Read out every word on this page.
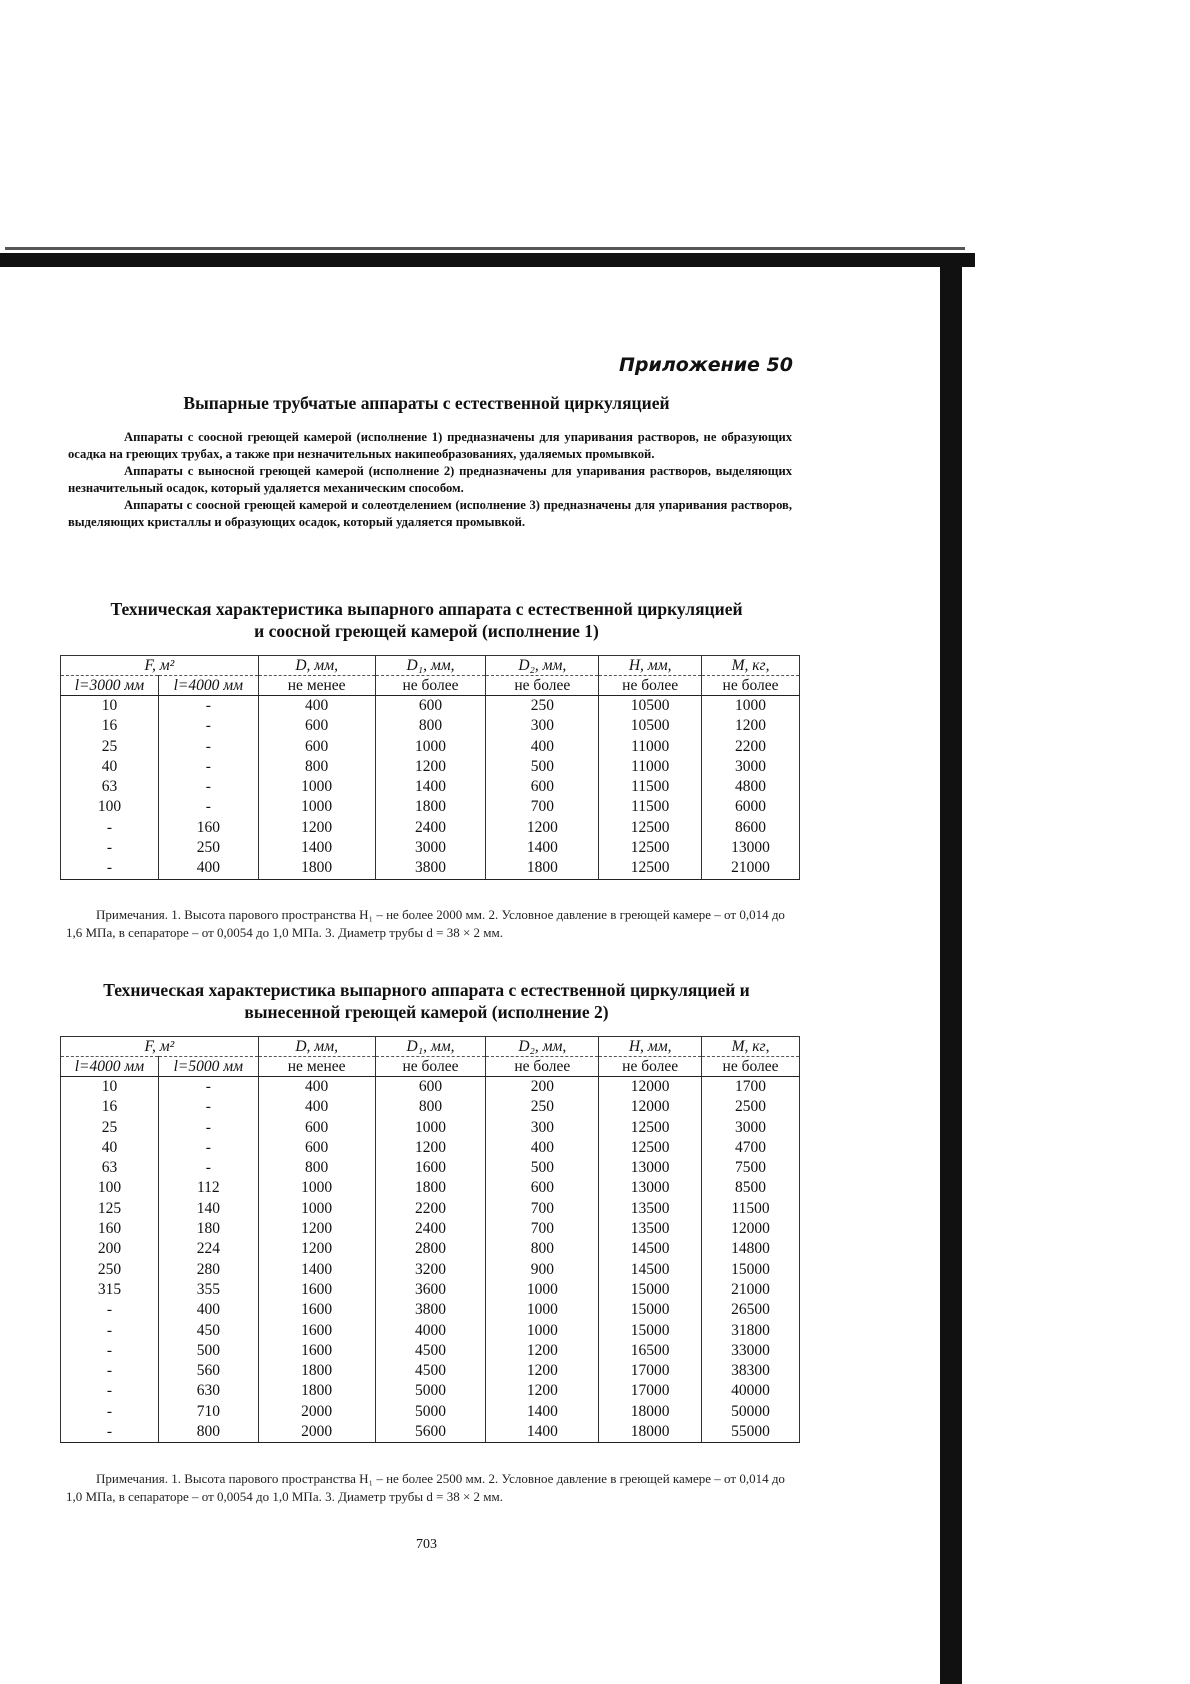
Приложение 50
Выпарные трубчатые аппараты с естественной циркуляцией

Аппараты с соосной греющей камерой (исполнение 1) предназначены для упаривания растворов, не образующих осадка на греющих трубах, а также при незначительных накипеобразованиях, удаляемых промывкой.

Аппараты с выносной греющей камерой (исполнение 2) предназначены для упаривания растворов, выделяющих незначительный осадок, который удаляется механическим способом.

Аппараты с соосной греющей камерой и солеотделением (исполнение 3) предназначены для упаривания растворов, выделяющих кристаллы и образующих осадок, который удаляется промывкой.

Техническая характеристика выпарного аппарата с естественной циркуляцией
и соосной греющей камерой (исполнение 1)
F, м²		D, мм,	D₁, мм,	D₂, мм,	H, мм,	M, кг,
l=3000 мм	l=4000 мм	не менее	не более	не более	не более	не более
10	-	400	600	250	10500	1000
16	-	600	800	300	10500	1200
25	-	600	1000	400	11000	2200
40	-	800	1200	500	11000	3000
63	-	1000	1400	600	11500	4800
100	-	1000	1800	700	11500	6000
-	160	1200	2400	1200	12500	8600
-	250	1400	3000	1400	12500	13000
-	400	1800	3800	1800	12500	21000

Примечания. 1. Высота парового пространства H₁ – не более 2000 мм. 2. Условное давление в греющей камере – от 0,014 до 1,6 МПа, в сепараторе – от 0,0054 до 1,0 МПа. 3. Диаметр трубы d = 38 × 2 мм.

Техническая характеристика выпарного аппарата с естественной циркуляцией и
вынесенной греющей камерой (исполнение 2)
F, м²		D, мм,	D₁, мм,	D₂, мм,	H, мм,	M, кг,
l=4000 мм	l=5000 мм	не менее	не более	не более	не более	не более
10	-	400	600	200	12000	1700
16	-	400	800	250	12000	2500
25	-	600	1000	300	12500	3000
40	-	600	1200	400	12500	4700
63	-	800	1600	500	13000	7500
100	112	1000	1800	600	13000	8500
125	140	1000	2200	700	13500	11500
160	180	1200	2400	700	13500	12000
200	224	1200	2800	800	14500	14800
250	280	1400	3200	900	14500	15000
315	355	1600	3600	1000	15000	21000
-	400	1600	3800	1000	15000	26500
-	450	1600	4000	1000	15000	31800
-	500	1600	4500	1200	16500	33000
-	560	1800	4500	1200	17000	38300
-	630	1800	5000	1200	17000	40000
-	710	2000	5000	1400	18000	50000
-	800	2000	5600	1400	18000	55000

Примечания. 1. Высота парового пространства H₁ – не более 2500 мм. 2. Условное давление в греющей камере – от 0,014 до 1,0 МПа, в сепараторе – от 0,0054 до 1,0 МПа. 3. Диаметр трубы d = 38 × 2 мм.

703
